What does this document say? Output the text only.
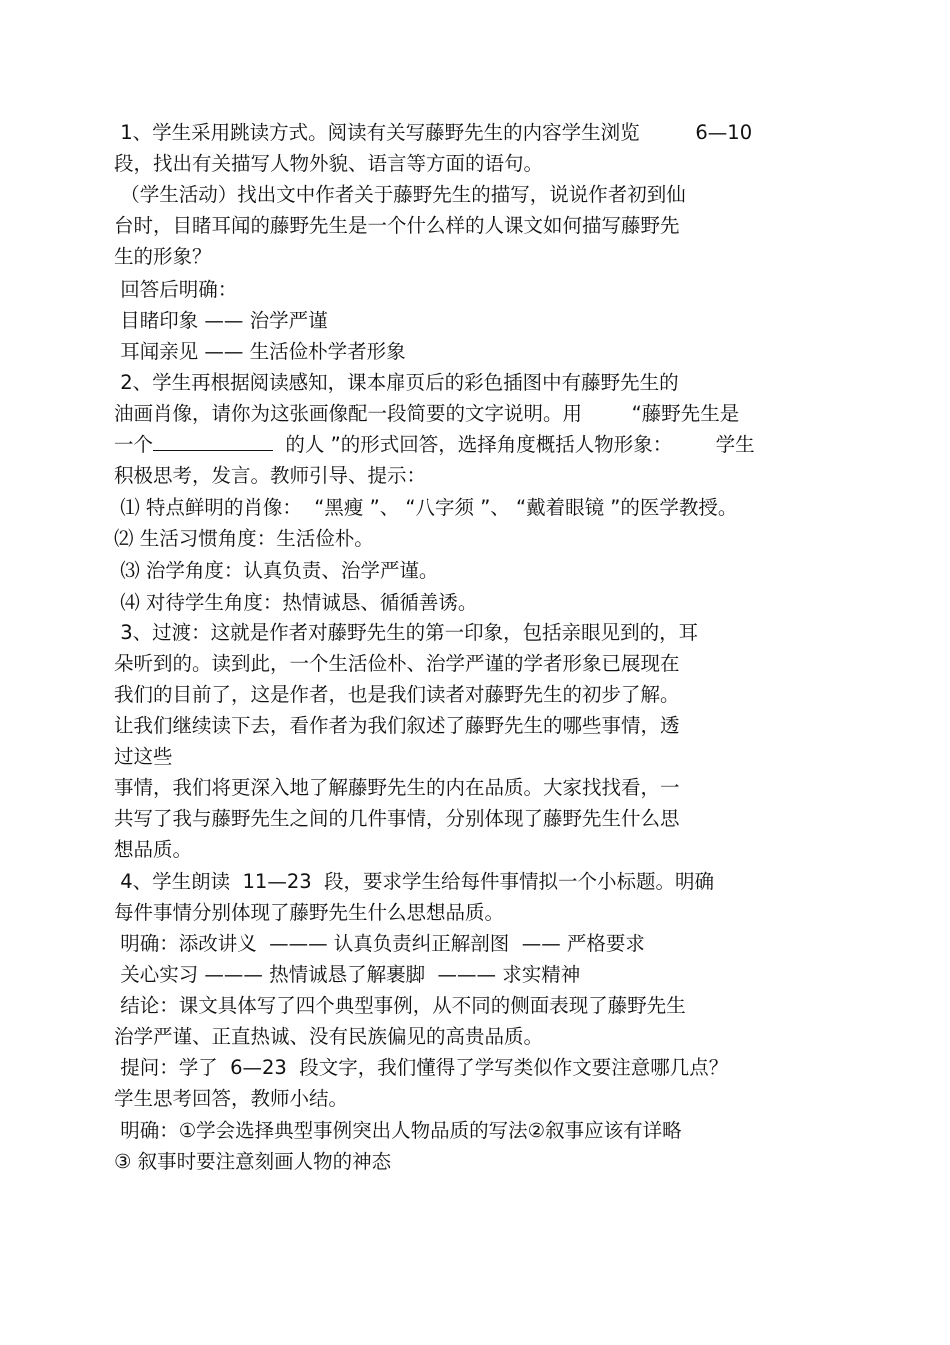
1、学生采用跳读方式。阅读有关写藤野先生的内容学生浏览         6—10
段，找出有关描写人物外貌、语言等方面的语句。
（学生活动）找出文中作者关于藤野先生的描写，说说作者初到仙
台时，目睹耳闻的藤野先生是一个什么样的人课文如何描写藤野先
生的形象？
回答后明确：
目睹印象 —— 治学严谨
耳闻亲见 —— 生活俭朴学者形象
2、学生再根据阅读感知，课本扉页后的彩色插图中有藤野先生的
油画肖像，请你为这张画像配一段简要的文字说明。用        “藤野先生是
一个	的人 ”的形式回答，选择角度概括人物形象：       学生
积极思考，发言。教师引导、提示：
⑴ 特点鲜明的肖像：  “黑瘦 ”、 “八字须 ”、 “戴着眼镜 ”的医学教授。
⑵ 生活习惯角度：生活俭朴。
⑶ 治学角度：认真负责、治学严谨。
⑷ 对待学生角度：热情诚恳、循循善诱。
3、过渡：这就是作者对藤野先生的第一印象，包括亲眼见到的，耳
朵听到的。读到此，一个生活俭朴、治学严谨的学者形象已展现在
我们的目前了，这是作者，也是我们读者对藤野先生的初步了解。
让我们继续读下去，看作者为我们叙述了藤野先生的哪些事情，透
过这些
事情，我们将更深入地了解藤野先生的内在品质。大家找找看，一
共写了我与藤野先生之间的几件事情，分别体现了藤野先生什么思
想品质。
4、学生朗读  11—23  段，要求学生给每件事情拟一个小标题。明确
每件事情分别体现了藤野先生什么思想品质。
明确：添改讲义  ——— 认真负责纠正解剖图  —— 严格要求
关心实习 ——— 热情诚恳了解裹脚  ——— 求实精神
结论：课文具体写了四个典型事例，从不同的侧面表现了藤野先生
治学严谨、正直热诚、没有民族偏见的高贵品质。
提问：学了  6—23  段文字，我们懂得了学写类似作文要注意哪几点？
学生思考回答，教师小结。
明确：①学会选择典型事例突出人物品质的写法②叙事应该有详略
③ 叙事时要注意刻画人物的神态
